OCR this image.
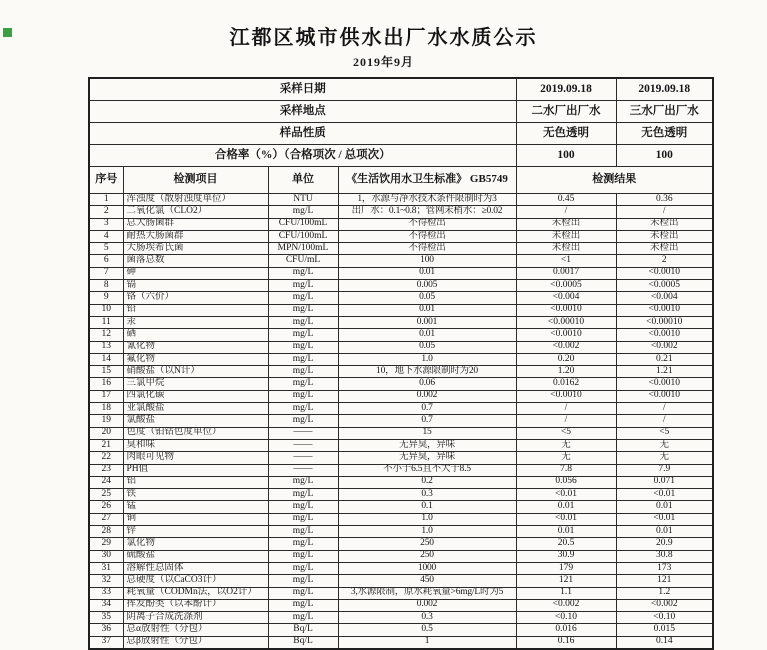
江都区城市供水出厂水水质公示
2019年9月
采样日期				2019.09.18	2019.09.18
采样地点				二水厂出厂水	三水厂出厂水
样品性质				无色透明	无色透明
合格率（%）（合格项次 / 总项次）				100	100
序号	检测项目	单位	《生活饮用水卫生标准》 GB5749	检测结果	
1	浑浊度（散射浊度单位）	NTU	1，水源与净水技术条件限制时为3	0.45	0.36
2	二氧化氯（CLO2）	mg/L	出厂水：0.1~0.8；管网末梢水：≥0.02	/	/
3	总大肠菌群	CFU/100mL	不得检出	未检出	未检出
4	耐热大肠菌群	CFU/100mL	不得检出	未检出	未检出
5	大肠埃希氏菌	MPN/100mL	不得检出	未检出	未检出
6	菌落总数	CFU/mL	100	<1	2
7	砷	mg/L	0.01	0.0017	<0.0010
8	镉	mg/L	0.005	<0.0005	<0.0005
9	铬（六价）	mg/L	0.05	<0.004	<0.004
10	铅	mg/L	0.01	<0.0010	<0.0010
11	汞	mg/L	0.001	<0.00010	<0.00010
12	硒	mg/L	0.01	<0.0010	<0.0010
13	氰化物	mg/L	0.05	<0.002	<0.002
14	氟化物	mg/L	1.0	0.20	0.21
15	硝酸盐（以N计）	mg/L	10，地下水源限制时为20	1.20	1.21
16	三氯甲烷	mg/L	0.06	0.0162	<0.0010
17	四氯化碳	mg/L	0.002	<0.0010	<0.0010
18	亚氯酸盐	mg/L	0.7	/	/
19	氯酸盐	mg/L	0.7	/	/
20	色度（铂钴色度单位）	——	15	<5	<5
21	臭和味	——	无异臭，异味	无	无
22	肉眼可见物	——	无异臭，异味	无	无
23	PH值	——	不小于6.5且不大于8.5	7.8	7.9
24	铝	mg/L	0.2	0.056	0.071
25	铁	mg/L	0.3	<0.01	<0.01
26	锰	mg/L	0.1	0.01	0.01
27	铜	mg/L	1.0	<0.01	<0.01
28	锌	mg/L	1.0	0.01	0.01
29	氯化物	mg/L	250	20.5	20.9
30	硫酸盐	mg/L	250	30.9	30.8
31	溶解性总固体	mg/L	1000	179	173
32	总硬度（以CaCO3计）	mg/L	450	121	121
33	耗氧量（CODMn法，以O2计）	mg/L	3,水源限制，原水耗氧量>6mg/L时为5	1.1	1.2
34	挥发酚类（以苯酚计）	mg/L	0.002	<0.002	<0.002
35	阴离子合成洗涤剂	mg/L	0.3	<0.10	<0.10
36	总α放射性（分包）	Bq/L	0.5	0.016	0.015
37	总β放射性（分包）	Bq/L	1	0.16	0.14
